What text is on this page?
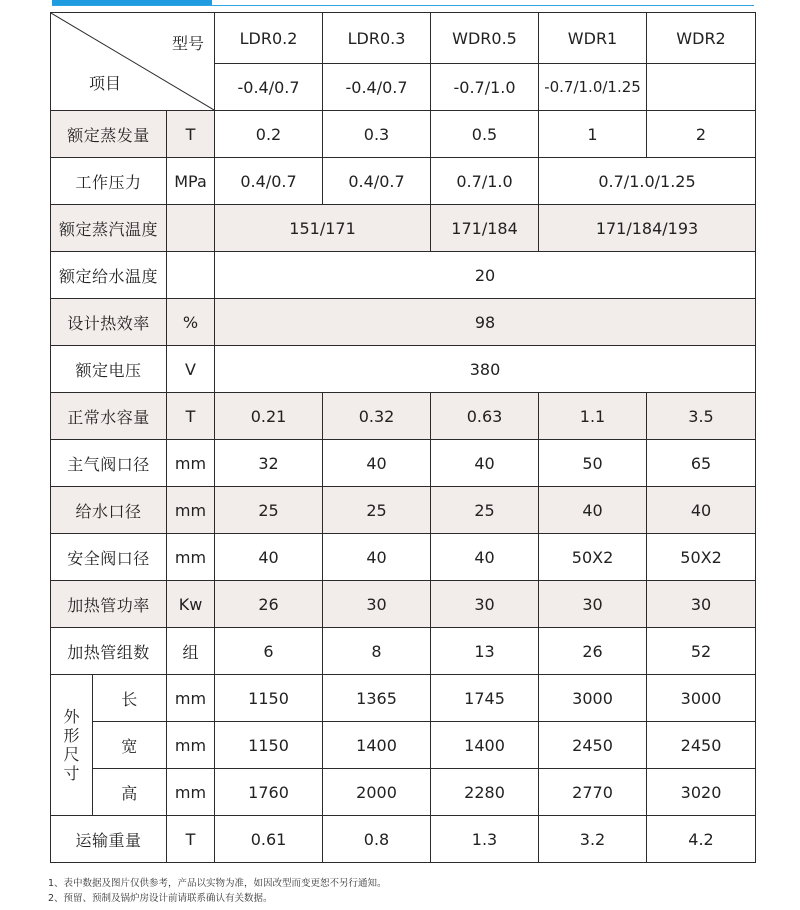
型号
项目			LDR0.2	LDR0.3	WDR0.5	WDR1	WDR2
			-0.4/0.7	-0.4/0.7	-0.7/1.0	-0.7/1.0/1.25	
额定蒸发量		T	0.2	0.3	0.5	1	2
工作压力		MPa	0.4/0.7	0.4/0.7	0.7/1.0	0.7/1.0/1.25	
额定蒸汽温度			151/171		171/184	171/184/193	
额定给水温度			20				
设计热效率		%	98				
额定电压		V	380				
正常水容量		T	0.21	0.32	0.63	1.1	3.5
主气阀口径		mm	32	40	40	50	65
给水口径		mm	25	25	25	40	40
安全阀口径		mm	40	40	40	50X2	50X2
加热管功率		Kw	26	30	30	30	30
加热管组数		组	6	8	13	26	52

外
形
尺
寸	长	mm	1150	1365	1745	3000	3000
	宽	mm	1150	1400	1400	2450	2450
	高	mm	1760	2000	2280	2770	3020
运输重量		T	0.61	0.8	1.3	3.2	4.2
1、表中数据及图片仅供参考，产品以实物为准，如因改型而变更恕不另行通知。
2、预留、预制及锅炉房设计前请联系确认有关数据。
